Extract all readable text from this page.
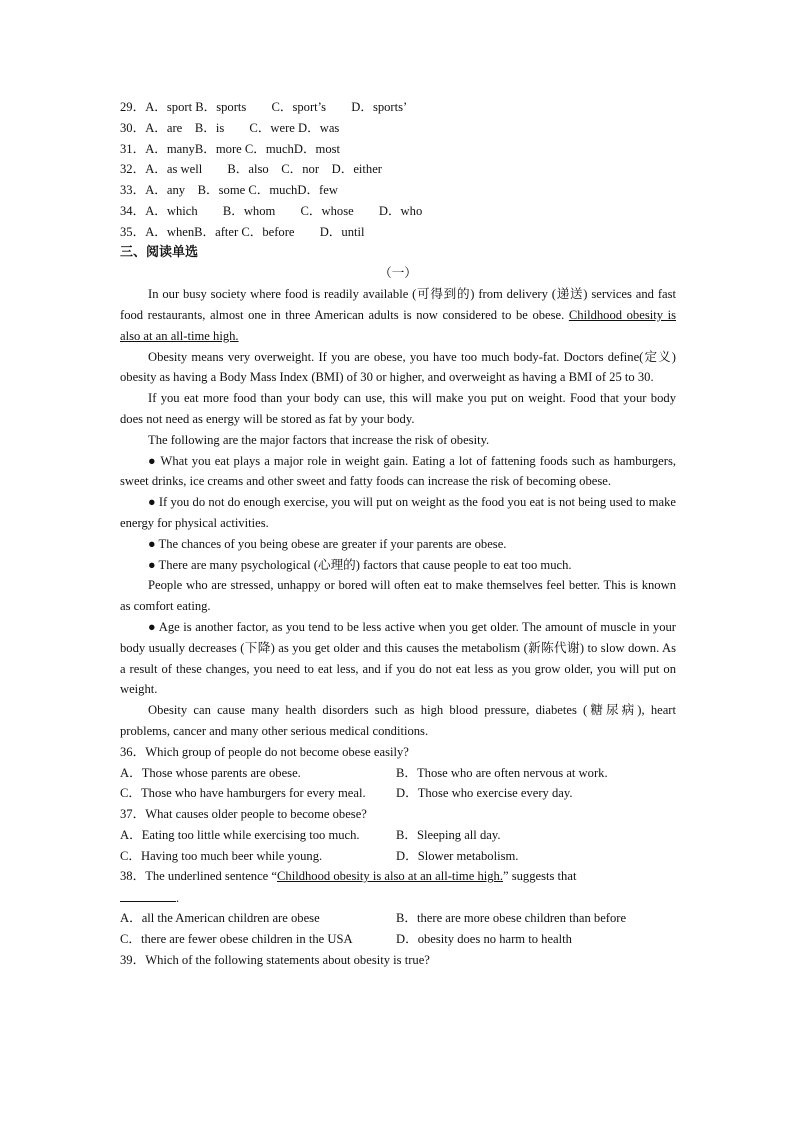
29．A．sport B．sports　　C．sport’s　　D．sports’
30．A．are　B．is　　C．were D．was
31．A．manyB．more C．muchD．most
32．A．as well　　B．also　C．nor　D．either
33．A．any　B．some C．muchD．few
34．A．which　　B．whom　　C．whose　　D．who
35．A．whenB．after C．before　　D．until
三、阅读单选
（一）
In our busy society where food is readily available (可得到的) from delivery (递送) services and fast food restaurants, almost one in three American adults is now considered to be obese. Childhood obesity is also at an all-time high.
Obesity means very overweight. If you are obese, you have too much body-fat. Doctors define(定义) obesity as having a Body Mass Index (BMI) of 30 or higher, and overweight as having a BMI of 25 to 30.
If you eat more food than your body can use, this will make you put on weight. Food that your body does not need as energy will be stored as fat by your body.
The following are the major factors that increase the risk of obesity.
● What you eat plays a major role in weight gain. Eating a lot of fattening foods such as hamburgers, sweet drinks, ice creams and other sweet and fatty foods can increase the risk of becoming obese.
● If you do not do enough exercise, you will put on weight as the food you eat is not being used to make energy for physical activities.
● The chances of you being obese are greater if your parents are obese.
● There are many psychological (心理的) factors that cause people to eat too much.
People who are stressed, unhappy or bored will often eat to make themselves feel better. This is known as comfort eating.
● Age is another factor, as you tend to be less active when you get older. The amount of muscle in your body usually decreases (下降) as you get older and this causes the metabolism (新陈代谢) to slow down. As a result of these changes, you need to eat less, and if you do not eat less as you grow older, you will put on weight.
Obesity can cause many health disorders such as high blood pressure, diabetes (糖尿病), heart problems, cancer and many other serious medical conditions.
36．Which group of people do not become obese easily?
A．Those whose parents are obese.	B．Those who are often nervous at work.
C．Those who have hamburgers for every meal.	D．Those who exercise every day.
37．What causes older people to become obese?
A．Eating too little while exercising too much.	B．Sleeping all day.
C．Having too much beer while young.	D．Slower metabolism.
38．The underlined sentence “Childhood obesity is also at an all-time high.” suggests that
.
A．all the American children are obese	B．there are more obese children than before
C．there are fewer obese children in the USA	D．obesity does no harm to health
39．Which of the following statements about obesity is true?
